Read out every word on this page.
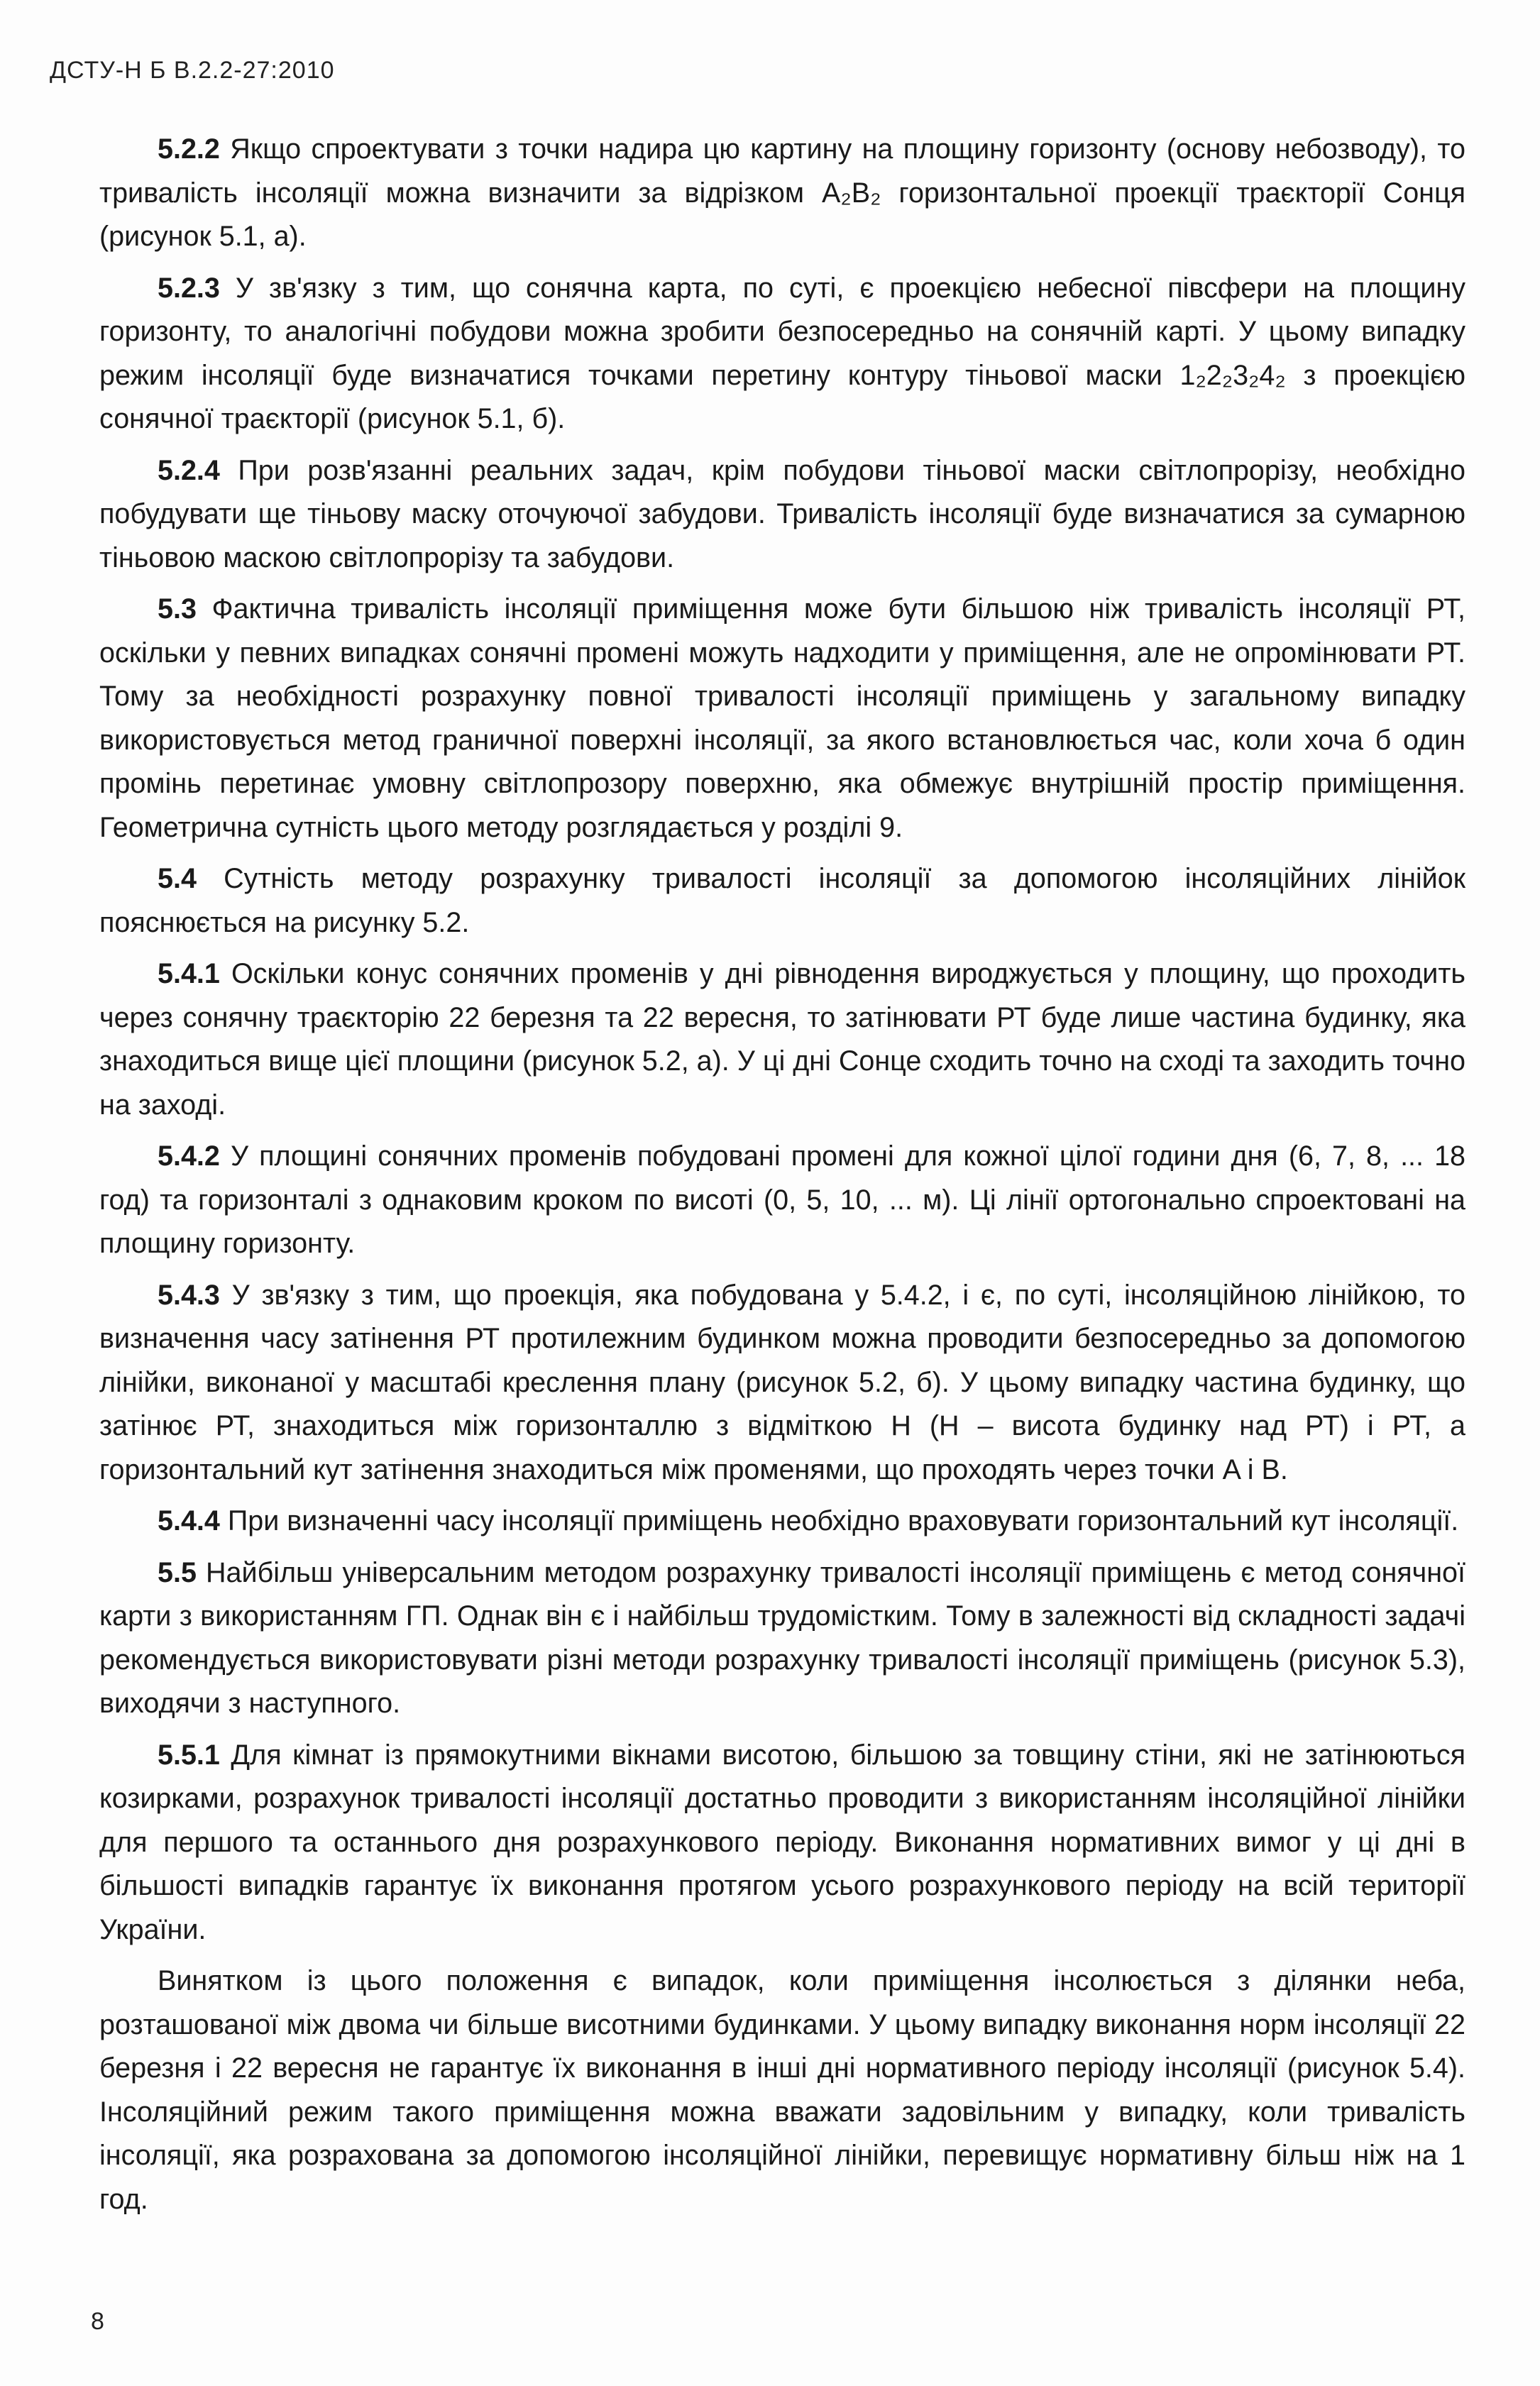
ДСТУ-Н Б В.2.2-27:2010

5.2.2 Якщо спроектувати з точки надира цю картину на площину горизонту (основу небозводу), то тривалість інсоляції можна визначити за відрізком A₂B₂ горизонтальної проекції траєкторії Сонця (рисунок 5.1, а).

5.2.3 У зв'язку з тим, що сонячна карта, по суті, є проекцією небесної півсфери на площину горизонту, то аналогічні побудови можна зробити безпосередньо на сонячній карті. У цьому випадку режим інсоляції буде визначатися точками перетину контуру тіньової маски 1₂2₂3₂4₂ з проекцією сонячної траєкторії (рисунок 5.1, б).

5.2.4 При розв'язанні реальних задач, крім побудови тіньової маски світлопрорізу, необхідно побудувати ще тіньову маску оточуючої забудови. Тривалість інсоляції буде визначатися за сумарною тіньовою маскою світлопрорізу та забудови.

5.3 Фактична тривалість інсоляції приміщення може бути більшою ніж тривалість інсоляції РТ, оскільки у певних випадках сонячні промені можуть надходити у приміщення, але не опромінювати РТ. Тому за необхідності розрахунку повної тривалості інсоляції приміщень у загальному випадку використовується метод граничної поверхні інсоляції, за якого встановлюється час, коли хоча б один промінь перетинає умовну світлопрозору поверхню, яка обмежує внутрішній простір приміщення. Геометрична сутність цього методу розглядається у розділі 9.

5.4 Сутність методу розрахунку тривалості інсоляції за допомогою інсоляційних лінійок пояснюється на рисунку 5.2.

5.4.1 Оскільки конус сонячних променів у дні рівнодення вироджується у площину, що проходить через сонячну траєкторію 22 березня та 22 вересня, то затінювати РТ буде лише частина будинку, яка знаходиться вище цієї площини (рисунок 5.2, а). У ці дні Сонце сходить точно на сході та заходить точно на заході.

5.4.2 У площині сонячних променів побудовані промені для кожної цілої години дня (6, 7, 8, ... 18 год) та горизонталі з однаковим кроком по висоті (0, 5, 10, ... м). Ці лінії ортогонально спроектовані на площину горизонту.

5.4.3 У зв'язку з тим, що проекція, яка побудована у 5.4.2, і є, по суті, інсоляційною лінійкою, то визначення часу затінення РТ протилежним будинком можна проводити безпосередньо за допомогою лінійки, виконаної у масштабі креслення плану (рисунок 5.2, б). У цьому випадку частина будинку, що затінює РТ, знаходиться між горизонталлю з відміткою H (H – висота будинку над РТ) і РТ, а горизонтальний кут затінення знаходиться між променями, що проходять через точки A і B.

5.4.4 При визначенні часу інсоляції приміщень необхідно враховувати горизонтальний кут інсоляції.

5.5 Найбільш універсальним методом розрахунку тривалості інсоляції приміщень є метод сонячної карти з використанням ГП. Однак він є і найбільш трудомістким. Тому в залежності від складності задачі рекомендується використовувати різні методи розрахунку тривалості інсоляції приміщень (рисунок 5.3), виходячи з наступного.

5.5.1 Для кімнат із прямокутними вікнами висотою, більшою за товщину стіни, які не затінюються козирками, розрахунок тривалості інсоляції достатньо проводити з використанням інсоляційної лінійки для першого та останнього дня розрахункового періоду. Виконання нормативних вимог у ці дні в більшості випадків гарантує їх виконання протягом усього розрахункового періоду на всій території України.

Винятком із цього положення є випадок, коли приміщення інсолюється з ділянки неба, розташованої між двома чи більше висотними будинками. У цьому випадку виконання норм інсоляції 22 березня і 22 вересня не гарантує їх виконання в інші дні нормативного періоду інсоляції (рисунок 5.4). Інсоляційний режим такого приміщення можна вважати задовільним у випадку, коли тривалість інсоляції, яка розрахована за допомогою інсоляційної лінійки, перевищує нормативну більш ніж на 1 год.

8
